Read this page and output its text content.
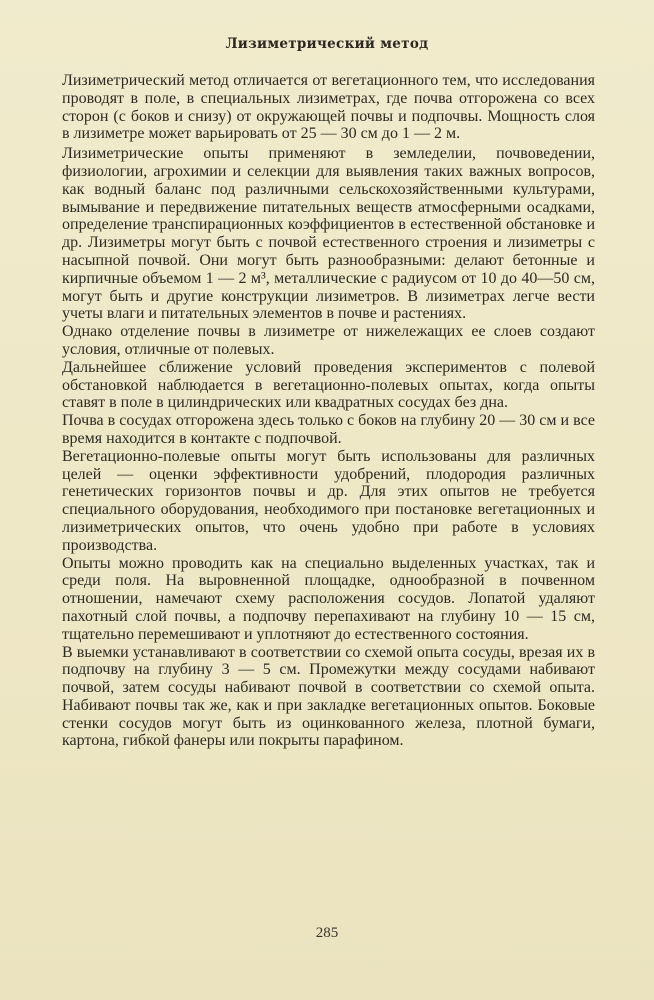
Лизиметрический метод

Лизиметрический метод отличается от вегетационного тем, что исследования проводят в поле, в специальных лизиметрах, где почва отгорожена со всех сторон (с боков и снизу) от окружающей почвы и подпочвы. Мощность слоя в лизиметре может варьировать от 25 — 30 см до 1 — 2 м.

Лизиметрические опыты применяют в земледелии, почвоведении, физиологии, агрохимии и селекции для выявления таких важных вопросов, как водный баланс под различными сельскохозяйственными культурами, вымывание и передвижение питательных веществ атмосферными осадками, определение транспирационных коэффициентов в естественной обстановке и др. Лизиметры могут быть с почвой естественного строения и лизиметры с насыпной почвой. Они могут быть разнообразными: делают бетонные и кирпичные объемом 1 — 2 м³, металлические с радиусом от 10 до 40—50 см, могут быть и другие конструкции лизиметров. В лизиметрах легче вести учеты влаги и питательных элементов в почве и растениях.

Однако отделение почвы в лизиметре от нижележащих ее слоев создают условия, отличные от полевых.

Дальнейшее сближение условий проведения экспериментов с полевой обстановкой наблюдается в вегетационно-полевых опытах, когда опыты ставят в поле в цилиндрических или квадратных сосудах без дна.

Почва в сосудах отгорожена здесь только с боков на глубину 20 — 30 см и все время находится в контакте с подпочвой.

Вегетационно-полевые опыты могут быть использованы для различных целей — оценки эффективности удобрений, плодородия различных генетических горизонтов почвы и др. Для этих опытов не требуется специального оборудования, необходимого при постановке вегетационных и лизиметрических опытов, что очень удобно при работе в условиях производства.

Опыты можно проводить как на специально выделенных участках, так и среди поля. На выровненной площадке, однообразной в почвенном отношении, намечают схему расположения сосудов. Лопатой удаляют пахотный слой почвы, а подпочву перепахивают на глубину 10 — 15 см, тщательно перемешивают и уплотняют до естественного состояния.

В выемки устанавливают в соответствии со схемой опыта сосуды, врезая их в подпочву на глубину 3 — 5 см. Промежутки между сосудами набивают почвой, затем сосуды набивают почвой в соответствии со схемой опыта. Набивают почвы так же, как и при закладке вегетационных опытов. Боковые стенки сосудов могут быть из оцинкованного железа, плотной бумаги, картона, гибкой фанеры или покрыты парафином.

285
